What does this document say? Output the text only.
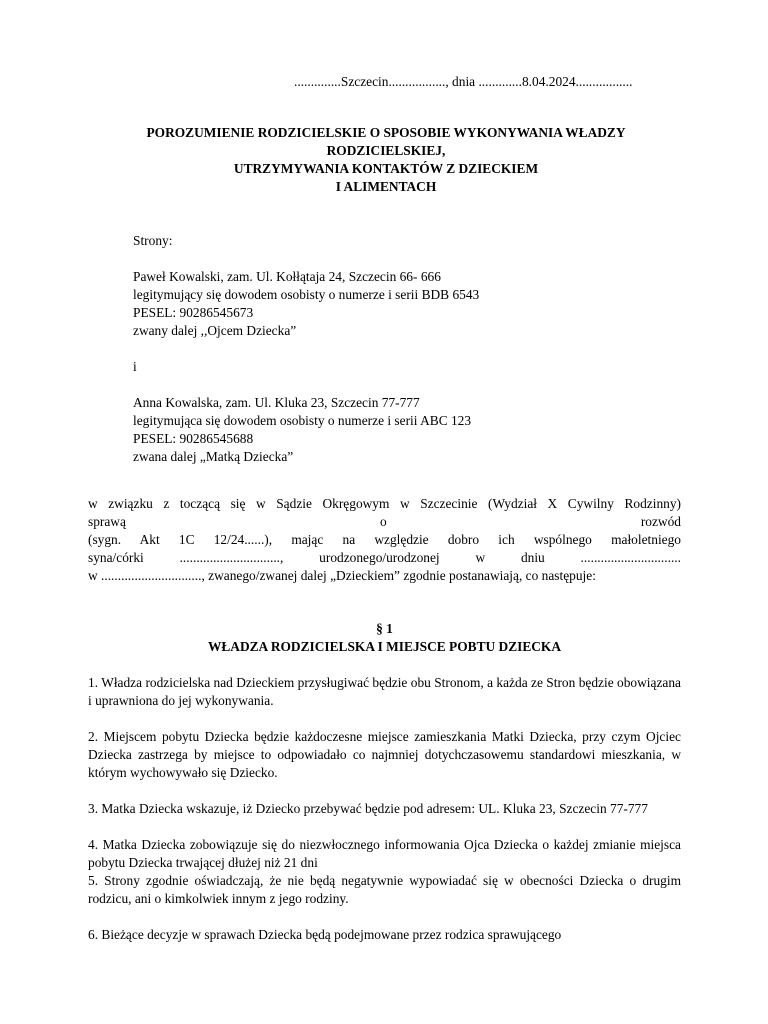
..............Szczecin................., dnia .............8.04.2024.................
POROZUMIENIE RODZICIELSKIE O SPOSOBIE WYKONYWANIA WŁADZY
RODZICIELSKIEJ,
UTRZYMYWANIA KONTAKTÓW Z DZIECKIEM
I ALIMENTACH

Strony:

Paweł Kowalski, zam. Ul. Kołłątaja 24, Szczecin 66- 666

legitymujący się dowodem osobisty o numerze i serii BDB 6543

PESEL: 90286545673

zwany dalej ,,Ojcem Dziecka”

i

Anna Kowalska, zam. Ul. Kluka 23, Szczecin 77-777

legitymująca się dowodem osobisty o numerze i serii ABC 123

PESEL: 90286545688

zwana dalej „Matką Dziecka”

w związku z toczącą się w Sądzie Okręgowym w Szczecinie (Wydział X Cywilny Rodzinny)
sprawą o rozwód
(sygn. Akt 1C 12/24......), mając na względzie dobro ich wspólnego małoletniego
syna/córki .............................., urodzonego/urodzonej w dniu ..............................
w .............................., zwanego/zwanej dalej „Dzieckiem” zgodnie postanawiają, co następuje:
§ 1
WŁADZA RODZICIELSKA I MIEJSCE POBTU DZIECKA

1. Władza rodzicielska nad Dzieckiem przysługiwać będzie obu Stronom, a każda ze Stron będzie obowiązana i uprawniona do jej wykonywania.

2. Miejscem pobytu Dziecka będzie każdoczesne miejsce zamieszkania Matki Dziecka, przy czym Ojciec Dziecka zastrzega by miejsce to odpowiadało co najmniej dotychczasowemu standardowi mieszkania, w którym wychowywało się Dziecko.

3. Matka Dziecka wskazuje, iż Dziecko przebywać będzie pod adresem: UL. Kluka 23, Szczecin 77-777

4. Matka Dziecka zobowiązuje się do niezwłocznego informowania Ojca Dziecka o każdej zmianie miejsca pobytu Dziecka trwającej dłużej niż 21 dni

5. Strony zgodnie oświadczają, że nie będą negatywnie wypowiadać się w obecności Dziecka o drugim rodzicu, ani o kimkolwiek innym z jego rodziny.

6. Bieżące decyzje w sprawach Dziecka będą podejmowane przez rodzica sprawującego
